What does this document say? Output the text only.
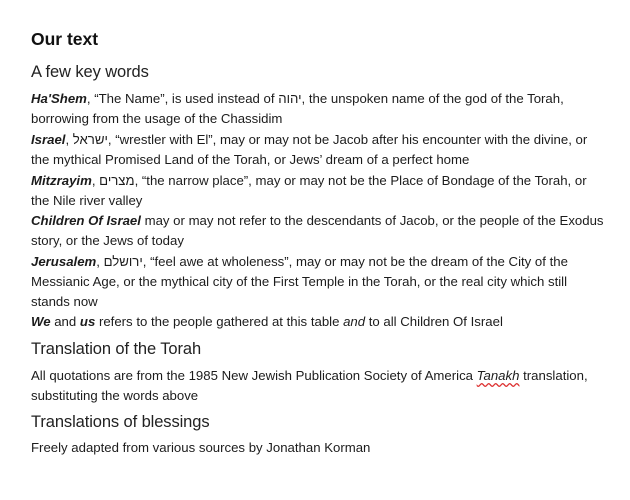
Our text
A few key words
Ha'Shem, “The Name”, is used instead of יהוה, the unspoken name of the god of the Torah, borrowing from the usage of the Chassidim
Israel, ישראל, “wrestler with El”, may or may not be Jacob after his encounter with the divine, or the mythical Promised Land of the Torah, or Jews’ dream of a perfect home
Mitzrayim, מצרים, “the narrow place”, may or may not be the Place of Bondage of the Torah, or the Nile river valley
Children Of Israel may or may not refer to the descendants of Jacob, or the people of the Exodus story, or the Jews of today
Jerusalem, ירושלם, “feel awe at wholeness”, may or may not be the dream of the City of the Messianic Age, or the mythical city of the First Temple in the Torah, or the real city which still stands now
We and us refers to the people gathered at this table and to all Children Of Israel
Translation of the Torah
All quotations are from the 1985 New Jewish Publication Society of America Tanakh translation, substituting the words above
Translations of blessings
Freely adapted from various sources by Jonathan Korman
